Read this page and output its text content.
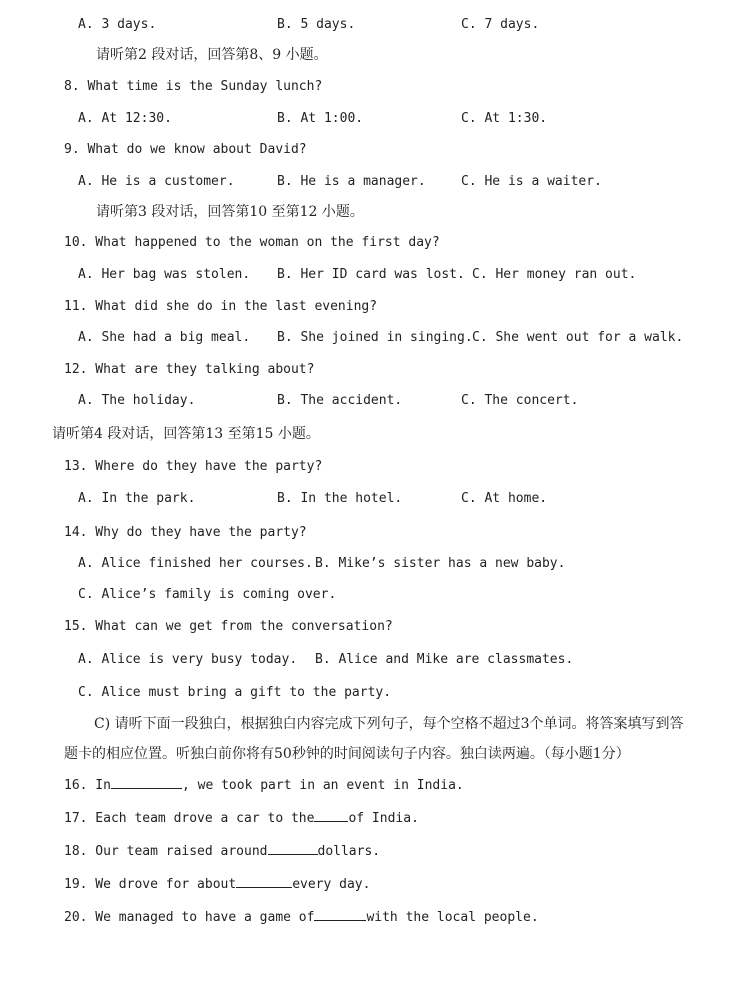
A. 3 days.	B. 5 days.	C. 7 days.
请听第2 段对话，回答第8、9 小题。
8. What time is the Sunday lunch?
A. At 12:30.	B. At 1:00.	C. At 1:30.
9. What do we know about David?
A. He is a customer.	B. He is a manager.	C. He is a waiter.
请听第3 段对话，回答第10 至第12 小题。
10. What happened to the woman on the first day?
A. Her bag was stolen. B. Her ID card was lost. C. Her money ran out.
11. What did she do in the last evening?
A. She had a big meal. B. She joined in singing. C. She went out for a walk.
12. What are they talking about?
A. The holiday.	B. The accident.	C. The concert.
请听第4 段对话，回答第13 至第15 小题。
13. Where do they have the party?
A. In the park.	B. In the hotel.	C. At home.
14. Why do they have the party?
A. Alice finished her courses. B. Mike’s sister has a new baby.
C. Alice’s family is coming over.
15. What can we get from the conversation?
A. Alice is very busy today. B. Alice and Mike are classmates.
C. Alice must bring a gift to the party.
C) 请听下面一段独白，根据独白内容完成下列句子，每个空格不超过3个单词。将答案填写到答
题卡的相应位置。听独白前你将有50秒钟的时间阅读句子内容。独白读两遍。（每小题1分）
16. In	, we took part in an event in India.
17. Each team drove a car to the	of India.
18. Our team raised around	dollars.
19. We drove for about	every day.
20. We managed to have a game of	with the local people.
